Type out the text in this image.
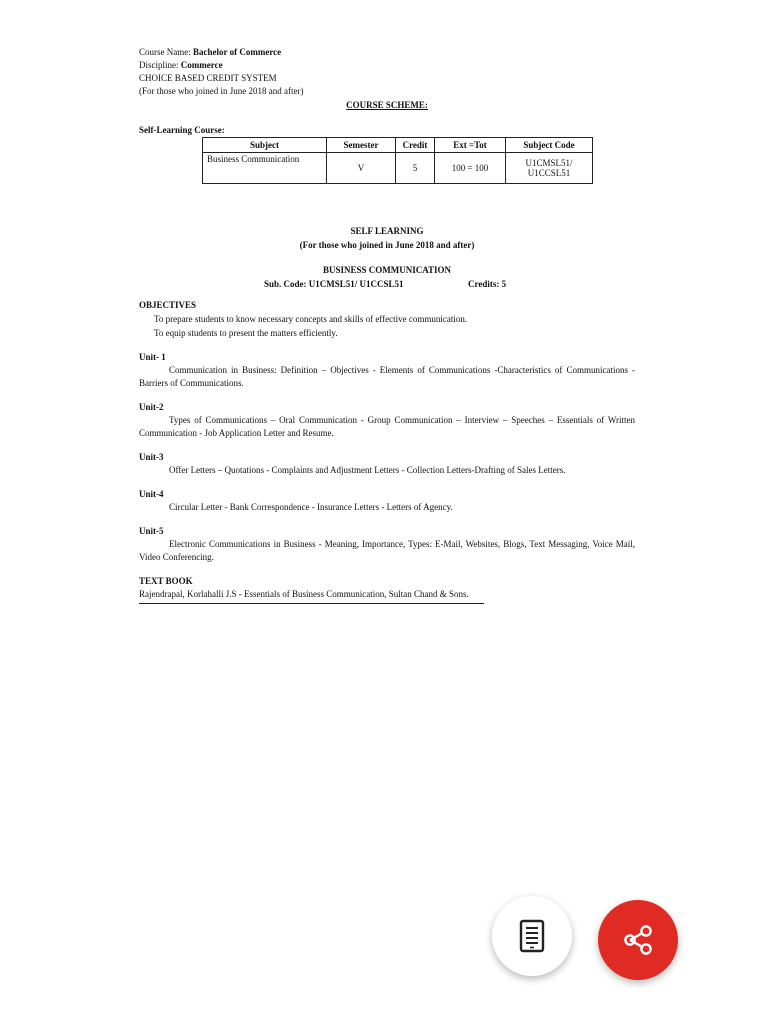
Course Name: Bachelor of Commerce
Discipline: Commerce
CHOICE BASED CREDIT SYSTEM
(For those who joined in June 2018 and after)
COURSE SCHEME:
Self-Learning Course:
Subject	Semester	Credit	Ext =Tot	Subject Code
Business Communication	V	5	100 = 100	U1CMSL51/
U1CCSL51
SELF LEARNING
(For those who joined in June 2018 and after)
BUSINESS COMMUNICATION
Sub. Code: U1CMSL51/ U1CCSL51	Credits: 5
OBJECTIVES
To prepare students to know necessary concepts and skills of effective communication.
To equip students to present the matters efficiently.
Unit- 1
Communication in Business: Definition – Objectives - Elements of Communications -Characteristics of Communications - Barriers of Communications.
Unit-2
Types of Communications – Oral Communication - Group Communication – Interview – Speeches – Essentials of Written Communication - Job Application Letter and Resume.
Unit-3
Offer Letters – Quotations - Complaints and Adjustment Letters - Collection Letters-Drafting of Sales Letters.
Unit-4
Circular Letter - Bank Correspondence - Insurance Letters - Letters of Agency.
Unit-5
Electronic Communications in Business - Meaning, Importance, Types: E-Mail, Websites, Blogs, Text Messaging, Voice Mail, Video Conferencing.
TEXT BOOK
Rajendrapal, Korlahalli J.S - Essentials of Business Communication, Sultan Chand & Sons.
